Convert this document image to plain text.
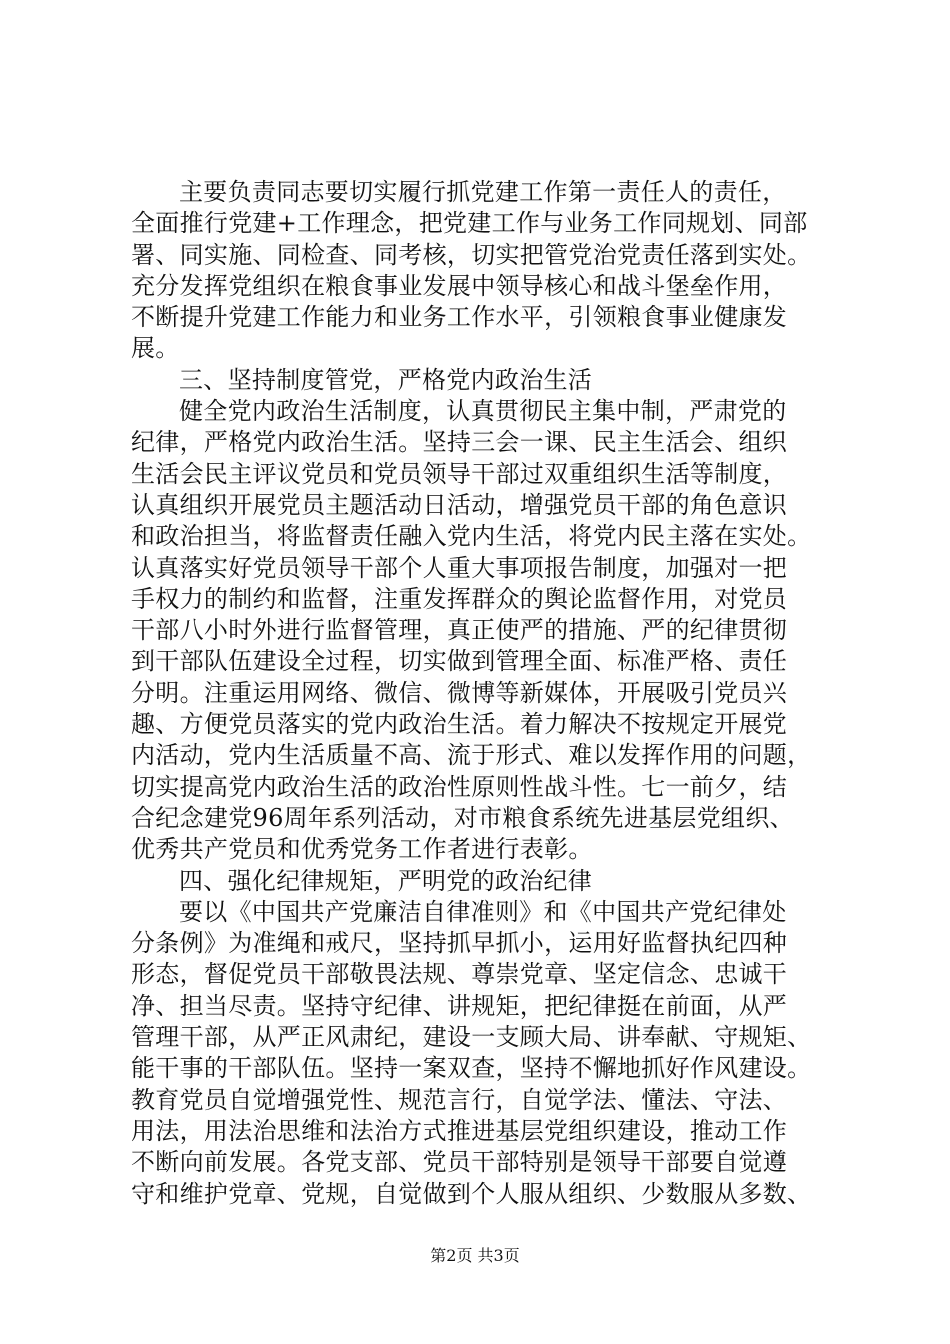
主要负责同志要切实履行抓党建工作第一责任人的责任，
全面推行党建+工作理念，把党建工作与业务工作同规划、同部
署、同实施、同检查、同考核，切实把管党治党责任落到实处。
充分发挥党组织在粮食事业发展中领导核心和战斗堡垒作用，
不断提升党建工作能力和业务工作水平，引领粮食事业健康发
展。
三、坚持制度管党，严格党内政治生活
健全党内政治生活制度，认真贯彻民主集中制，严肃党的
纪律，严格党内政治生活。坚持三会一课、民主生活会、组织
生活会民主评议党员和党员领导干部过双重组织生活等制度，
认真组织开展党员主题活动日活动，增强党员干部的角色意识
和政治担当，将监督责任融入党内生活，将党内民主落在实处。
认真落实好党员领导干部个人重大事项报告制度，加强对一把
手权力的制约和监督，注重发挥群众的舆论监督作用，对党员
干部八小时外进行监督管理，真正使严的措施、严的纪律贯彻
到干部队伍建设全过程，切实做到管理全面、标准严格、责任
分明。注重运用网络、微信、微博等新媒体，开展吸引党员兴
趣、方便党员落实的党内政治生活。着力解决不按规定开展党
内活动，党内生活质量不高、流于形式、难以发挥作用的问题，
切实提高党内政治生活的政治性原则性战斗性。七一前夕，结
合纪念建党96周年系列活动，对市粮食系统先进基层党组织、
优秀共产党员和优秀党务工作者进行表彰。
四、强化纪律规矩，严明党的政治纪律
要以《中国共产党廉洁自律准则》和《中国共产党纪律处
分条例》为准绳和戒尺，坚持抓早抓小，运用好监督执纪四种
形态，督促党员干部敬畏法规、尊崇党章、坚定信念、忠诚干
净、担当尽责。坚持守纪律、讲规矩，把纪律挺在前面，从严
管理干部，从严正风肃纪，建设一支顾大局、讲奉献、守规矩、
能干事的干部队伍。坚持一案双查，坚持不懈地抓好作风建设。
教育党员自觉增强党性、规范言行，自觉学法、懂法、守法、
用法，用法治思维和法治方式推进基层党组织建设，推动工作
不断向前发展。各党支部、党员干部特别是领导干部要自觉遵
守和维护党章、党规，自觉做到个人服从组织、少数服从多数、
第2页 共3页
